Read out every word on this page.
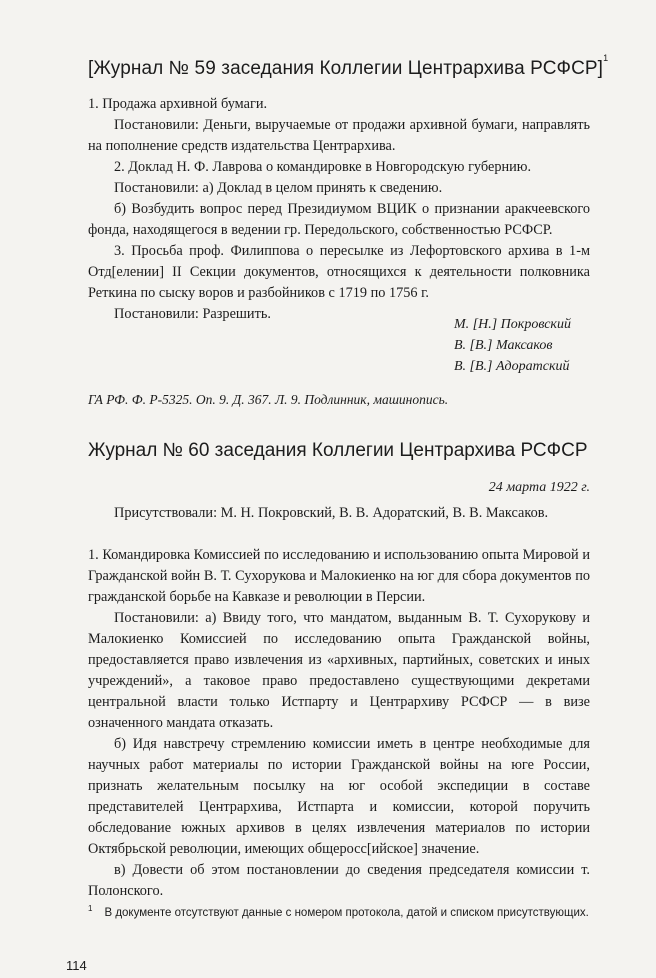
[Журнал № 59 заседания Коллегии Центрархива РСФСР]$^1$

1. Продажа архивной бумаги.

Постановили: Деньги, выручаемые от продажи архивной бумаги, направлять на пополнение средств издательства Центрархива.

2. Доклад Н. Ф. Лаврова о командировке в Новгородскую губернию.

Постановили: а) Доклад в целом принять к сведению.

б) Возбудить вопрос перед Президиумом ВЦИК о признании аракчеевского фонда, находящегося в ведении гр. Передольского, собственностью РСФСР.

3. Просьба проф. Филиппова о пересылке из Лефортовского архива в 1-м Отд[елении] II Секции документов, относящихся к деятельности полковника Реткина по сыску воров и разбойников с 1719 по 1756 г.

Постановили: Разрешить.

М. [Н.] Покровский
В. [В.] Максаков
В. [В.] Адоратский
ГА РФ. Ф. Р-5325. Оп. 9. Д. 367. Л. 9. Подлинник, машинопись.
Журнал № 60 заседания Коллегии Центрархива РСФСР
24 марта 1922 г.

Присутствовали: М. Н. Покровский, В. В. Адоратский, В. В. Максаков.

1. Командировка Комиссией по исследованию и использованию опыта Мировой и Гражданской войн В. Т. Сухорукова и Малокиенко на юг для сбора документов по гражданской борьбе на Кавказе и революции в Персии.

Постановили: а) Ввиду того, что мандатом, выданным В. Т. Сухорукову и Малокиенко Комиссией по исследованию опыта Гражданской войны, предоставляется право извлечения из «архивных, партийных, советских и иных учреждений», а таковое право предоставлено существующими декретами центральной власти только Истпарту и Центрархиву РСФСР — в визе означенного мандата отказать.

б) Идя навстречу стремлению комиссии иметь в центре необходимые для научных работ материалы по истории Гражданской войны на юге России, признать желательным посылку на юг особой экспедиции в составе представителей Центрархива, Истпарта и комиссии, которой поручить обследование южных архивов в целях извлечения материалов по истории Октябрьской революции, имеющих общеросс[ийское] значение.

в) Довести об этом постановлении до сведения председателя комиссии т. Полонского.

$^1$ В документе отсутствуют данные с номером протокола, датой и списком присутствующих.
114
